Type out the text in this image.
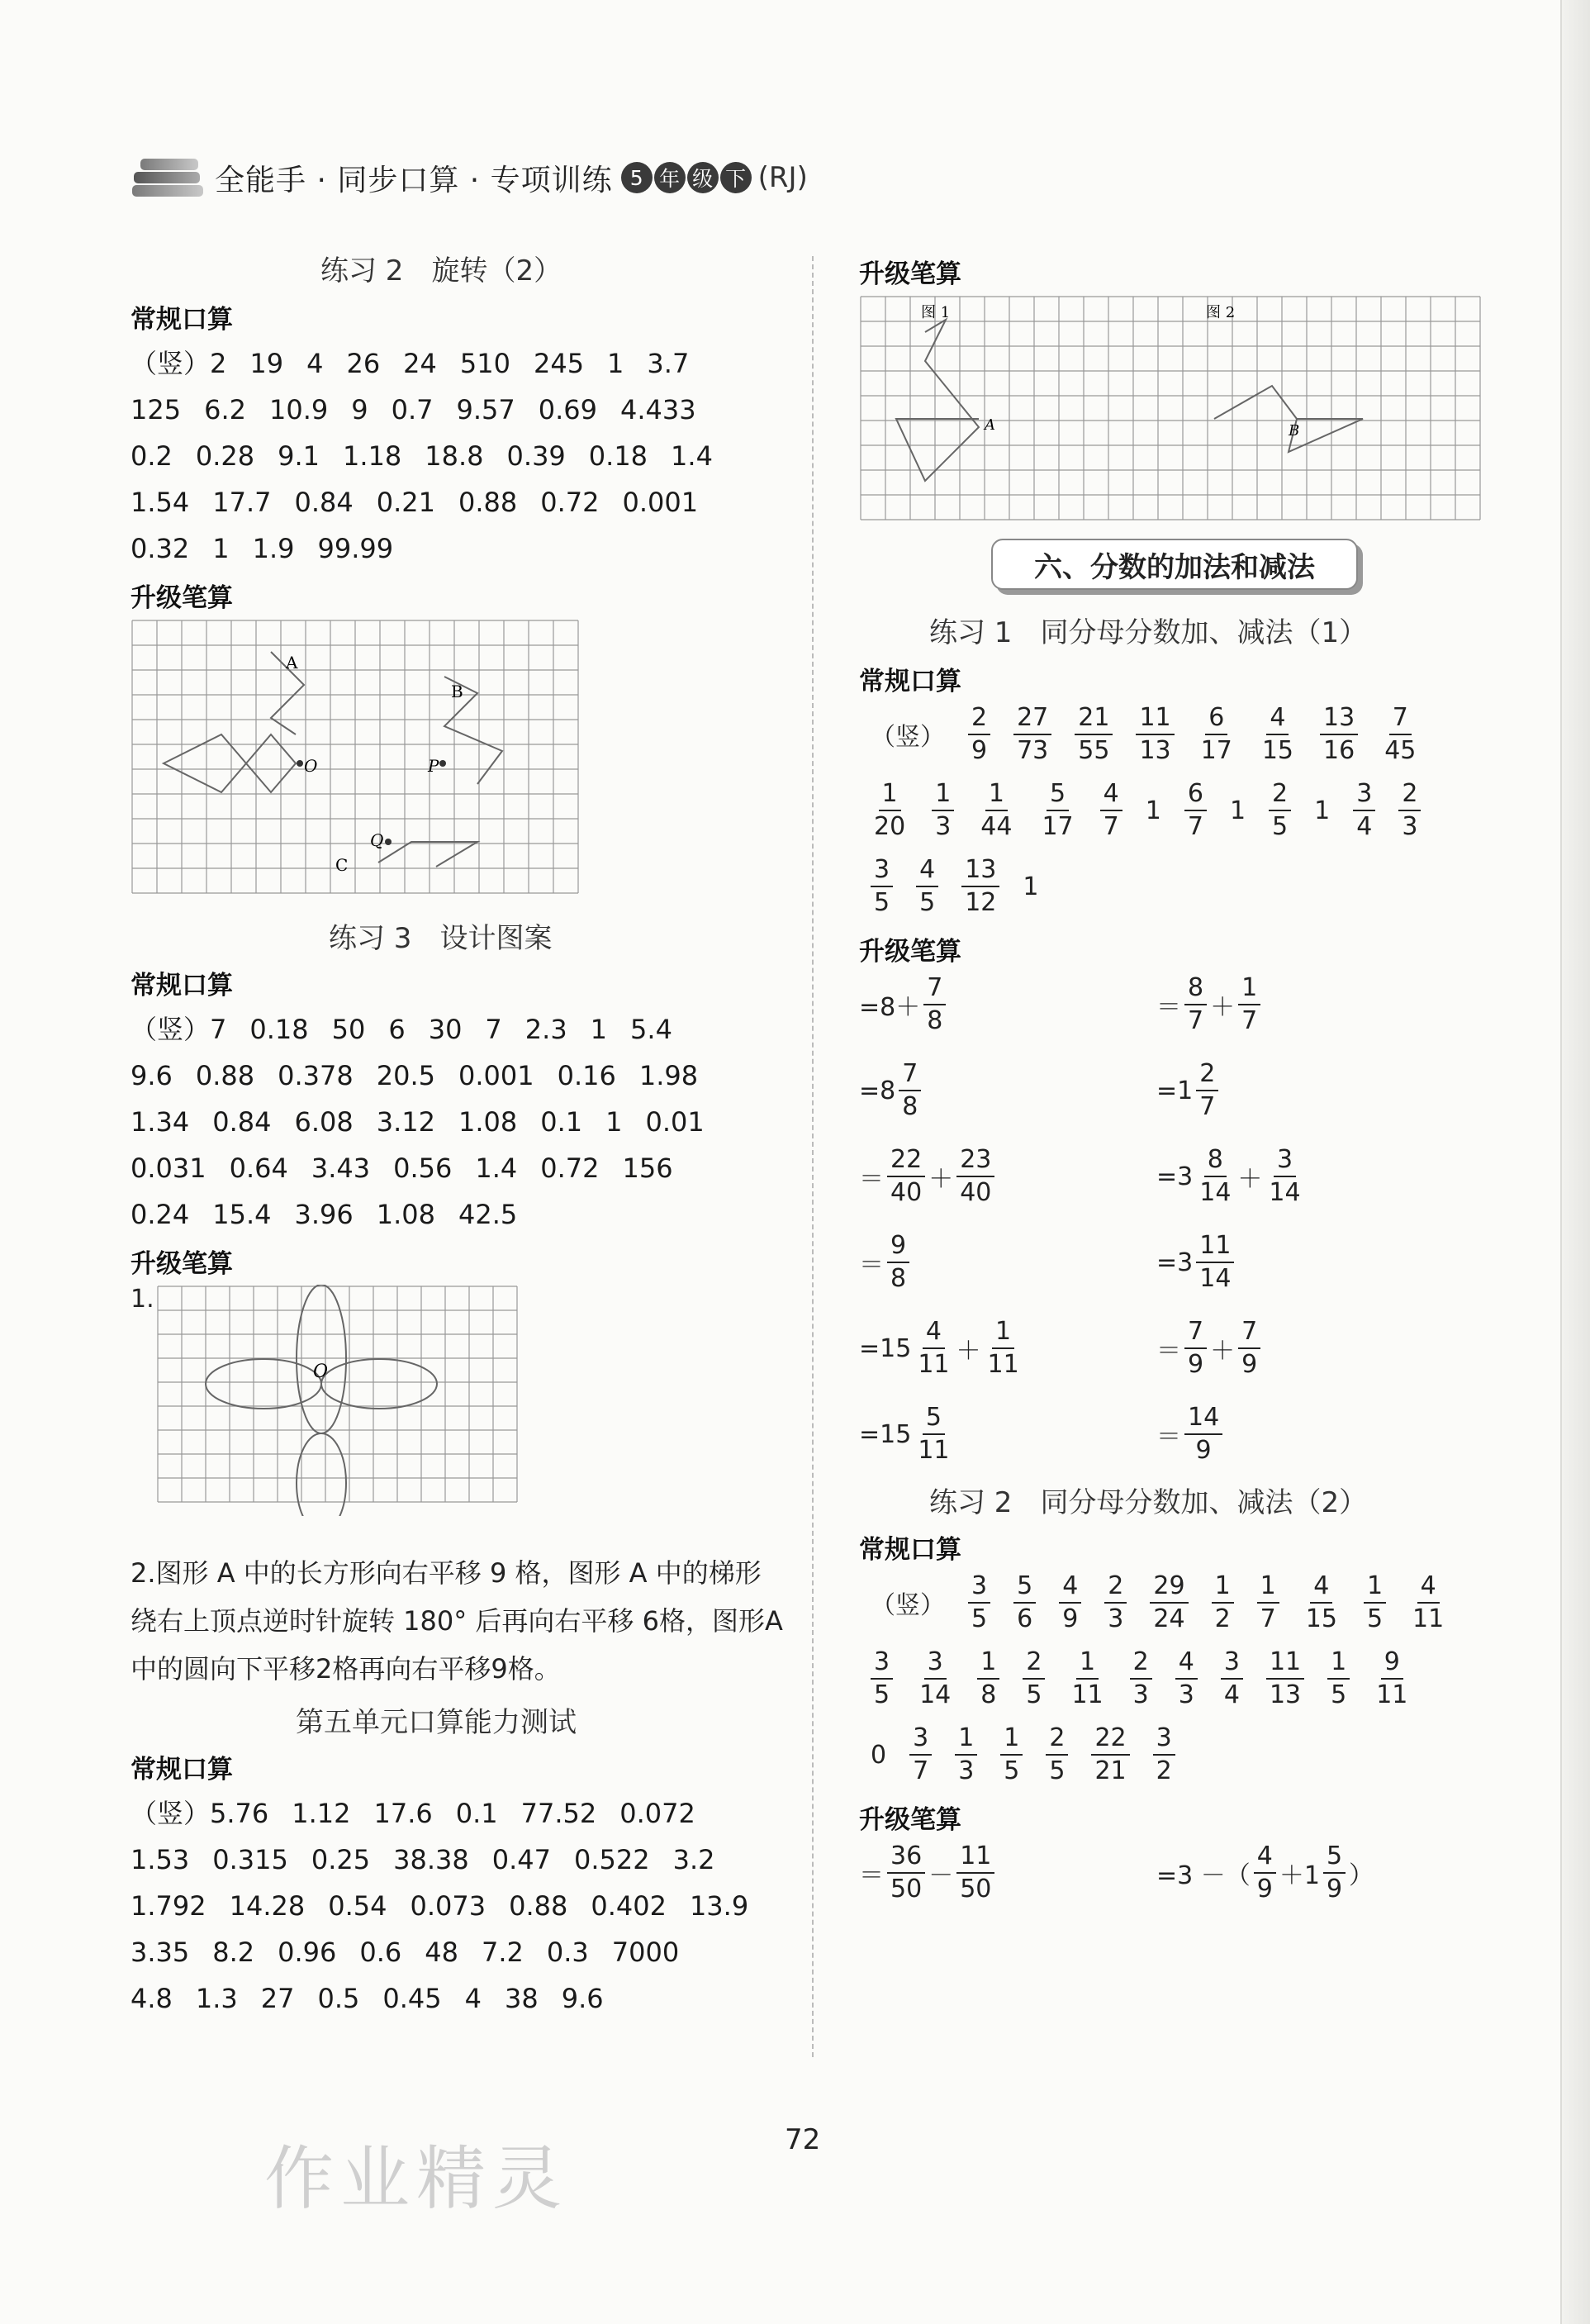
全能手 · 同步口算 · 专项训练 5 年 级 下 (RJ)
练习 2　旋转（2）
常规口算
（竖）2 19 4 26 24 510 245 1 3.7
125 6.2 10.9 9 0.7 9.57 0.69 4.433
0.2 0.28 9.1 1.18 18.8 0.39 0.18 1.4
1.54 17.7 0.84 0.21 0.88 0.72 0.001
0.32 1 1.9 99.99
升级笔算
A
B
O	P
Q
C
练习 3　设计图案
常规口算
（竖）7 0.18 50 6 30 7 2.3 1 5.4
9.6 0.88 0.378 20.5 0.001 0.16 1.98
1.34 0.84 6.08 3.12 1.08 0.1 1 0.01
0.031 0.64 3.43 0.56 1.4 0.72 156
0.24 15.4 3.96 1.08 42.5
升级笔算
1.
O
2.图形 A 中的长方形向右平移 9 格，图形 A 中的梯形绕右上顶点逆时针旋转 180° 后再向右平移 6格，图形A中的圆向下平移2格再向右平移9格。
第五单元口算能力测试
常规口算
（竖）5.76 1.12 17.6 0.1 77.52 0.072
1.53 0.315 0.25 38.38 0.47 0.522 3.2
1.792 14.28 0.54 0.073 0.88 0.402 13.9
3.35 8.2 0.96 0.6 48 7.2 0.3 7000
4.8 1.3 27 0.5 0.45 4 38 9.6
升级笔算
图 1	图 2
A	B
六、分数的加法和减法
练习 1　同分母分数加、减法（1）
常规口算
（竖） $\frac{2}{9} \frac{27}{73} \frac{21}{55} \frac{11}{13} \frac{6}{17} \frac{4}{15} \frac{13}{16} \frac{7}{45}$
$\frac{1}{20} \frac{1}{3} \frac{1}{44} \frac{5}{17} \frac{4}{7} 1 \frac{6}{7} 1 \frac{2}{5} 1 \frac{3}{4} \frac{2}{3}$
$\frac{3}{5} \frac{4}{5} \frac{13}{12} 1$
升级笔算
$=8+ \frac{7}{8}$	＝ $\frac{8}{7} + \frac{1}{7}$
$=8 \frac{7}{8}$	$=1 \frac{2}{7}$
＝ $\frac{22}{40} + \frac{23}{40}$	$=3 \frac{8}{14} + \frac{3}{14}$
＝ $\frac{9}{8}$	$=3 \frac{11}{14}$
$=15 \frac{4}{11} + \frac{1}{11}$	＝ $\frac{7}{9} + \frac{7}{9}$
$=15 \frac{5}{11}$	＝ $\frac{14}{9}$
练习 2　同分母分数加、减法（2）
常规口算
（竖） $\frac{3}{5} \frac{5}{6} \frac{4}{9} \frac{2}{3} \frac{29}{24} \frac{1}{2} \frac{1}{7} \frac{4}{15} \frac{1}{5} \frac{4}{11}$
$\frac{3}{5} \frac{3}{14} \frac{1}{8} \frac{2}{5} \frac{1}{11} \frac{2}{3} \frac{4}{3} \frac{3}{4} \frac{11}{13} \frac{1}{5} \frac{9}{11}$
$0 \frac{3}{7} \frac{1}{3} \frac{1}{5} \frac{2}{5} \frac{22}{21} \frac{3}{2}$
升级笔算
＝ $\frac{36}{50} - \frac{11}{50}$	=3 －（ $\frac{4}{9} +1 \frac{5}{9}$ ）
作业精灵	72
